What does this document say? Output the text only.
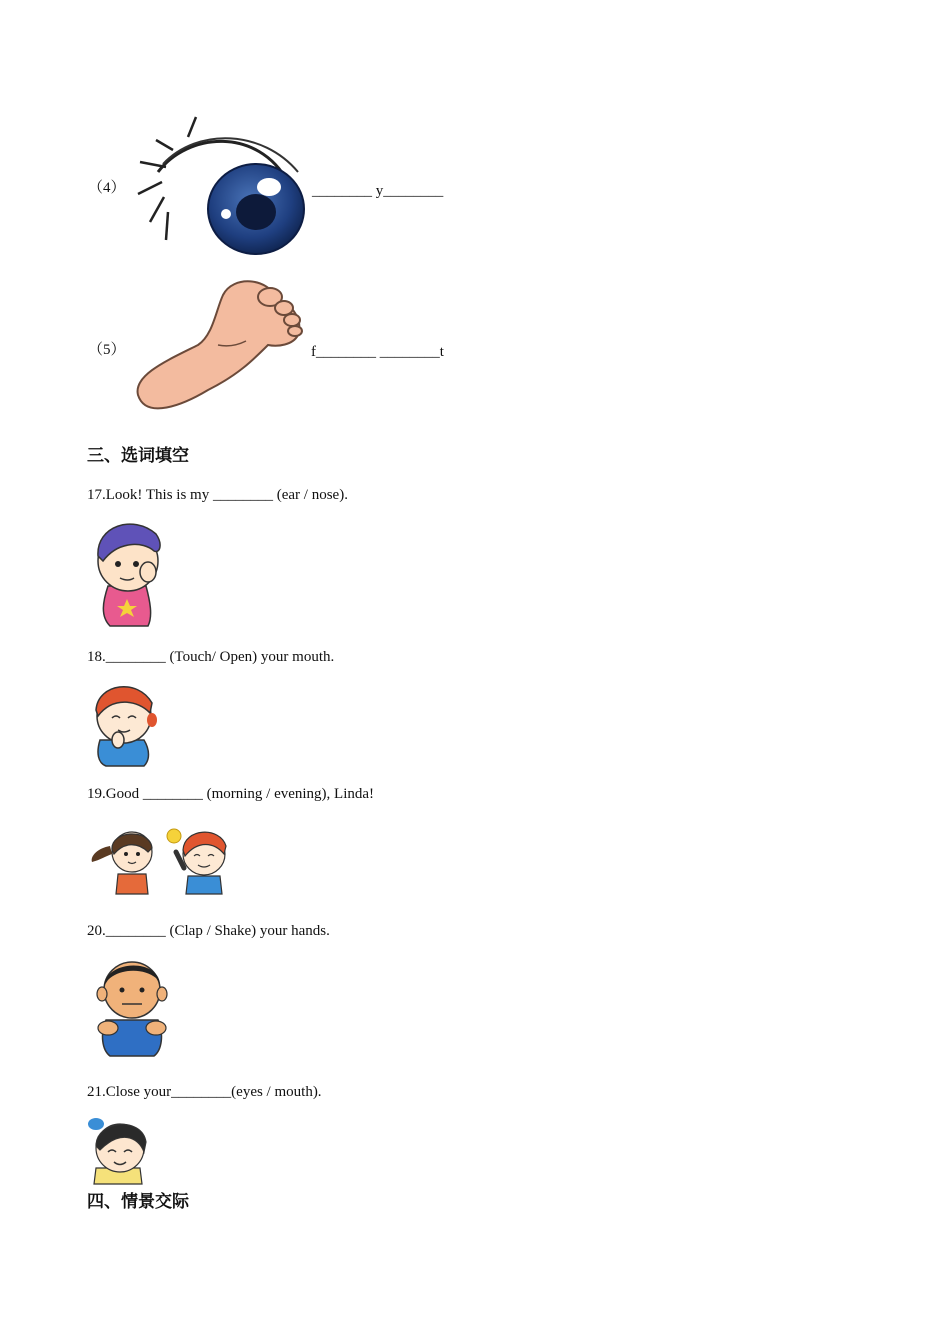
（4）	________ y________
（5）	f________ ________t
三、选词填空
17.Look! This is my ________ (ear / nose).
18.________ (Touch/ Open) your mouth.
19.Good ________ (morning / evening), Linda!
20.________ (Clap / Shake) your hands.
21.Close your________(eyes / mouth).
四、情景交际
